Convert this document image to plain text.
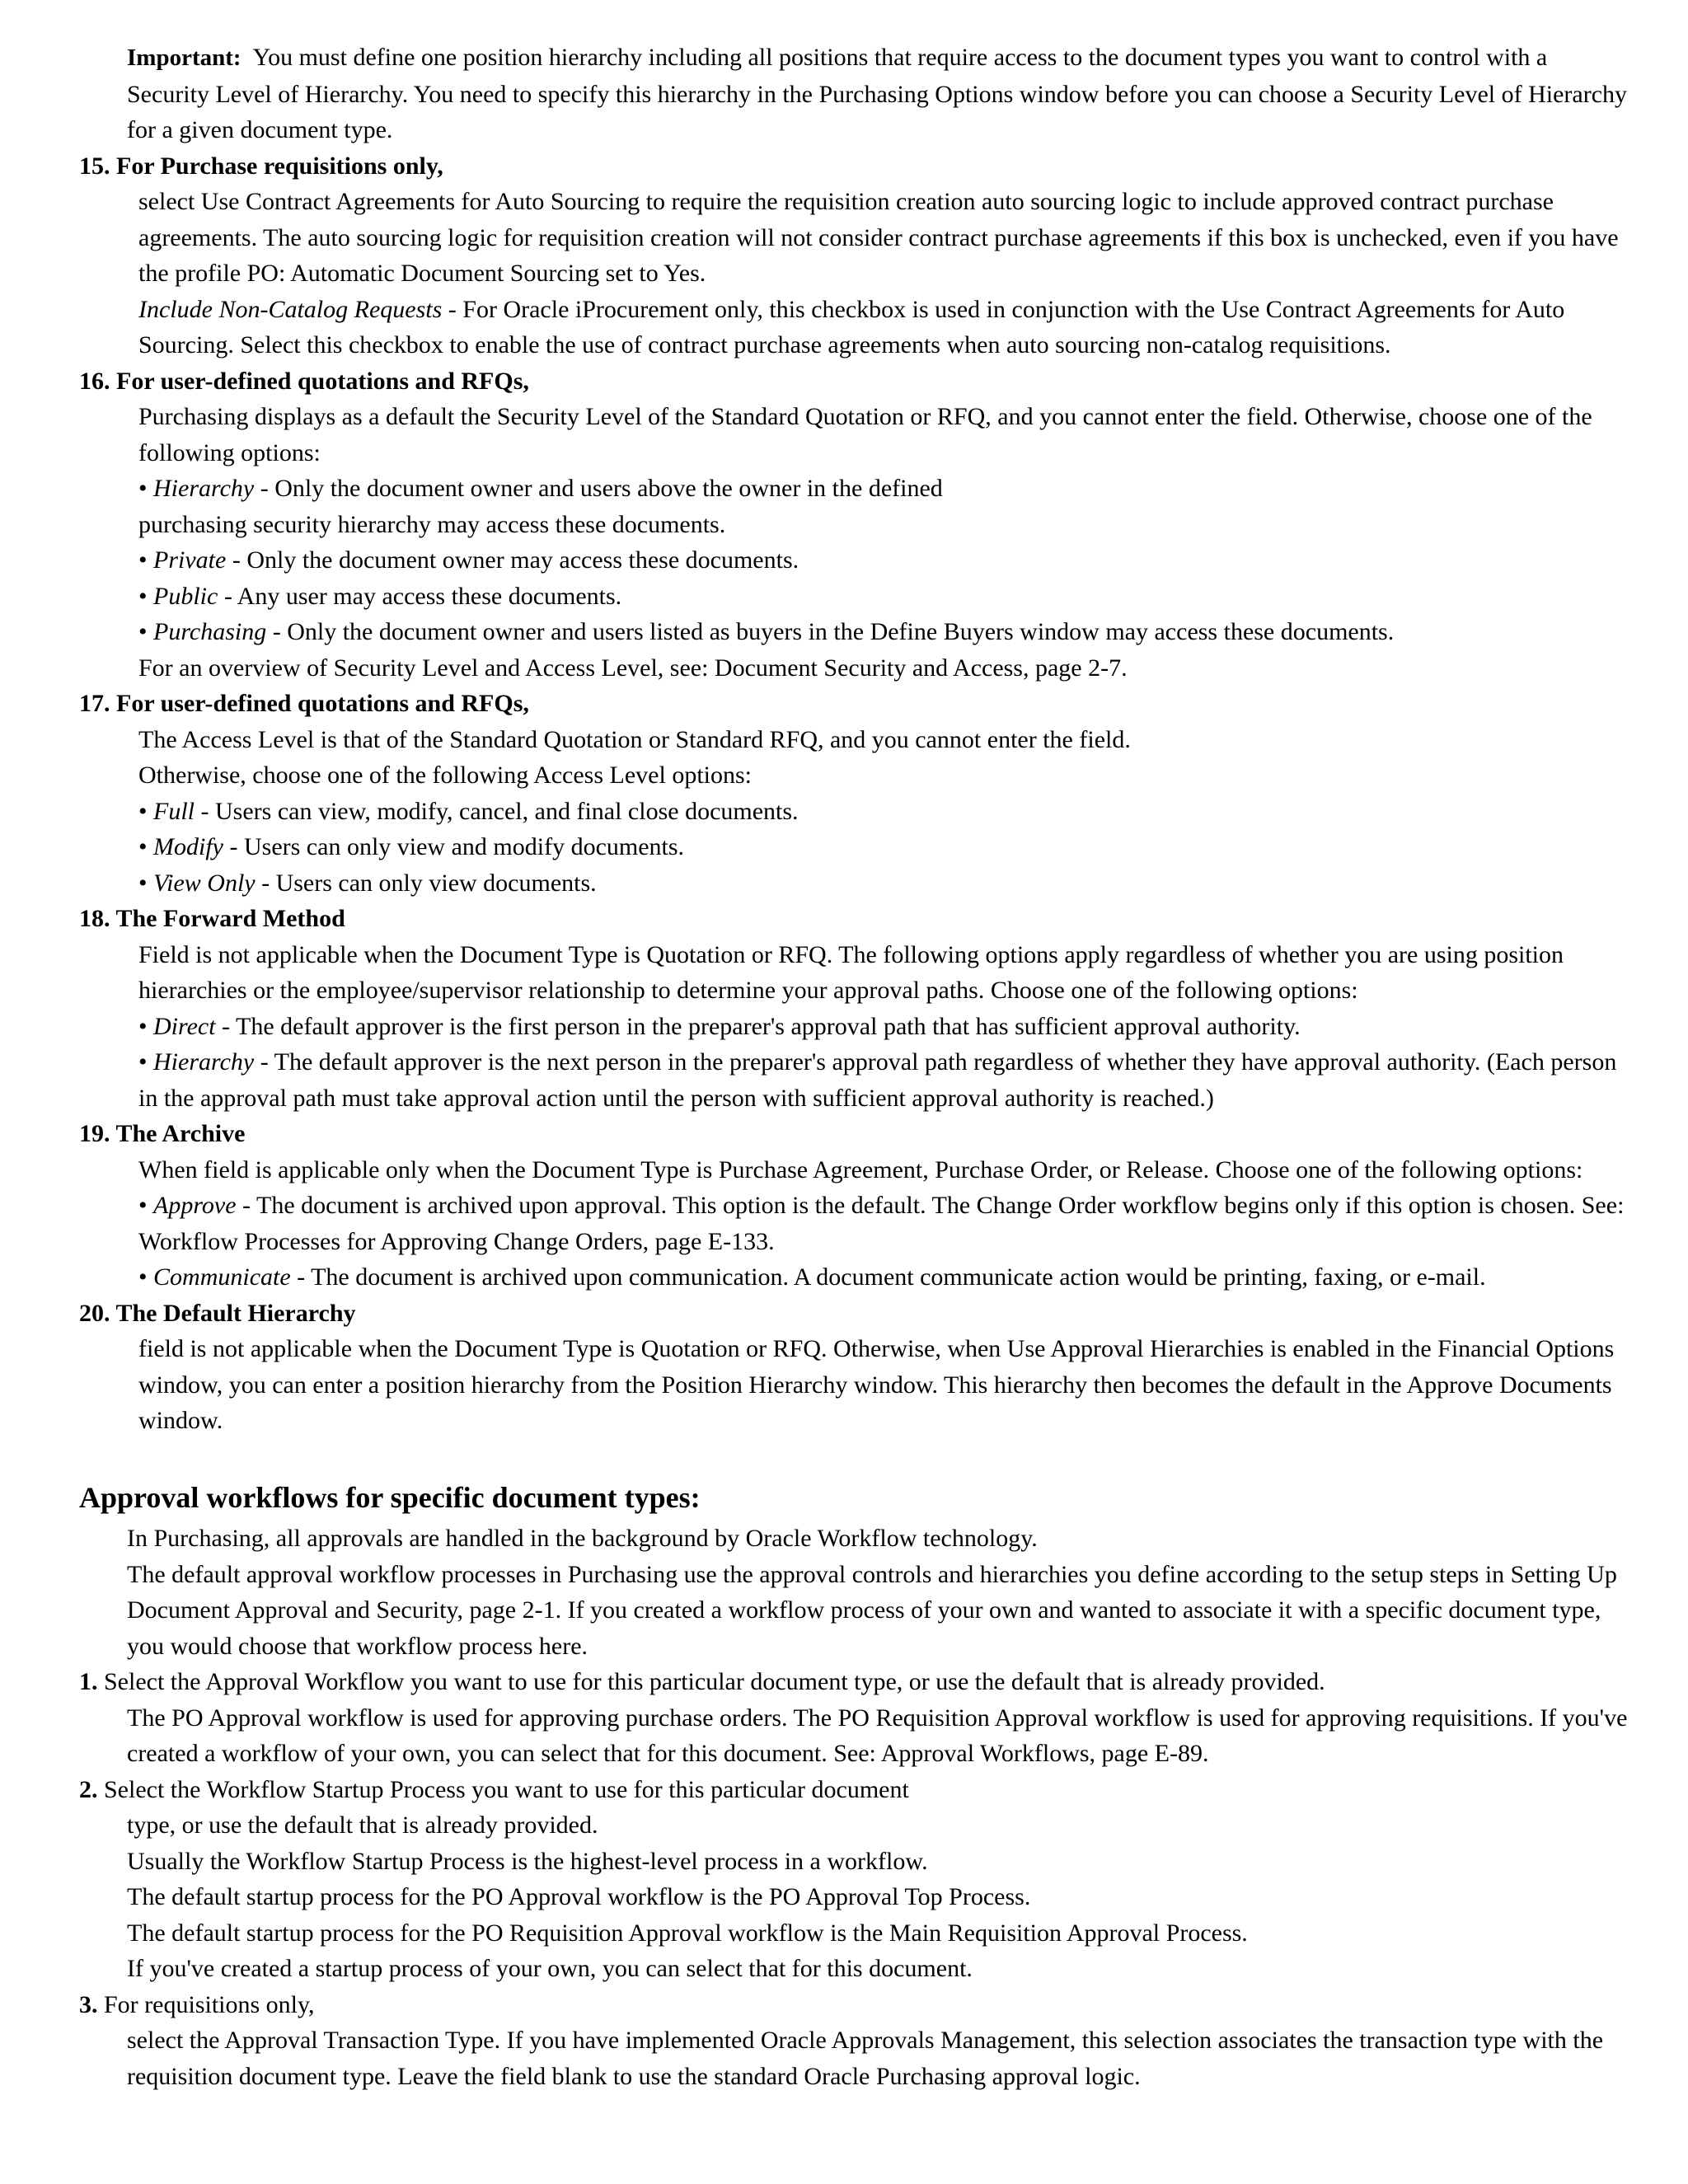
Important: You must define one position hierarchy including all positions that require access to the document types you want to control with a Security Level of Hierarchy. You need to specify this hierarchy in the Purchasing Options window before you can choose a Security Level of Hierarchy for a given document type.

15. For Purchase requisitions only,

select Use Contract Agreements for Auto Sourcing to require the requisition creation auto sourcing logic to include approved contract purchase agreements. The auto sourcing logic for requisition creation will not consider contract purchase agreements if this box is unchecked, even if you have the profile PO: Automatic Document Sourcing set to Yes.

Include Non-Catalog Requests - For Oracle iProcurement only, this checkbox is used in conjunction with the Use Contract Agreements for Auto Sourcing. Select this checkbox to enable the use of contract purchase agreements when auto sourcing non-catalog requisitions.

16. For user-defined quotations and RFQs,

Purchasing displays as a default the Security Level of the Standard Quotation or RFQ, and you cannot enter the field. Otherwise, choose one of the following options:

• Hierarchy - Only the document owner and users above the owner in the defined

purchasing security hierarchy may access these documents.

• Private - Only the document owner may access these documents.

• Public - Any user may access these documents.

• Purchasing - Only the document owner and users listed as buyers in the Define Buyers window may access these documents.

For an overview of Security Level and Access Level, see: Document Security and Access, page 2-7.

17. For user-defined quotations and RFQs,

The Access Level is that of the Standard Quotation or Standard RFQ, and you cannot enter the field.

Otherwise, choose one of the following Access Level options:

• Full - Users can view, modify, cancel, and final close documents.

• Modify - Users can only view and modify documents.

• View Only - Users can only view documents.

18. The Forward Method

Field is not applicable when the Document Type is Quotation or RFQ. The following options apply regardless of whether you are using position hierarchies or the employee/supervisor relationship to determine your approval paths. Choose one of the following options:

• Direct - The default approver is the first person in the preparer's approval path that has sufficient approval authority.

• Hierarchy - The default approver is the next person in the preparer's approval path regardless of whether they have approval authority. (Each person in the approval path must take approval action until the person with sufficient approval authority is reached.)

19. The Archive

When field is applicable only when the Document Type is Purchase Agreement, Purchase Order, or Release. Choose one of the following options:

• Approve - The document is archived upon approval. This option is the default. The Change Order workflow begins only if this option is chosen. See: Workflow Processes for Approving Change Orders, page E-133.

• Communicate - The document is archived upon communication. A document communicate action would be printing, faxing, or e-mail.

20. The Default Hierarchy

field is not applicable when the Document Type is Quotation or RFQ. Otherwise, when Use Approval Hierarchies is enabled in the Financial Options window, you can enter a position hierarchy from the Position Hierarchy window. This hierarchy then becomes the default in the Approve Documents window.

Approval workflows for specific document types:

In Purchasing, all approvals are handled in the background by Oracle Workflow technology.

The default approval workflow processes in Purchasing use the approval controls and hierarchies you define according to the setup steps in Setting Up Document Approval and Security, page 2-1. If you created a workflow process of your own and wanted to associate it with a specific document type, you would choose that workflow process here.

1. Select the Approval Workflow you want to use for this particular document type, or use the default that is already provided.

The PO Approval workflow is used for approving purchase orders. The PO Requisition Approval workflow is used for approving requisitions. If you've created a workflow of your own, you can select that for this document. See: Approval Workflows, page E-89.

2. Select the Workflow Startup Process you want to use for this particular document

type, or use the default that is already provided.

Usually the Workflow Startup Process is the highest-level process in a workflow.

The default startup process for the PO Approval workflow is the PO Approval Top Process.

The default startup process for the PO Requisition Approval workflow is the Main Requisition Approval Process.

If you've created a startup process of your own, you can select that for this document.

3. For requisitions only,

select the Approval Transaction Type. If you have implemented Oracle Approvals Management, this selection associates the transaction type with the requisition document type. Leave the field blank to use the standard Oracle Purchasing approval logic.
